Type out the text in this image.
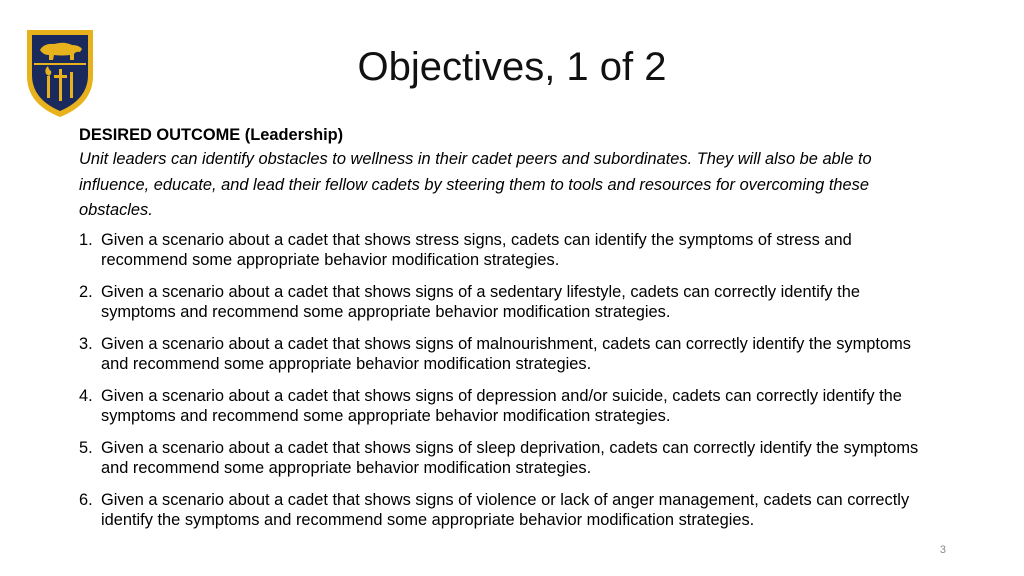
Objectives, 1 of 2
DESIRED OUTCOME (Leadership)
Unit leaders can identify obstacles to wellness in their cadet peers and subordinates. They will also be able to influence, educate, and lead their fellow cadets by steering them to tools and resources for overcoming these obstacles.
1. Given a scenario about a cadet that shows stress signs, cadets can identify the symptoms of stress and recommend some appropriate behavior modification strategies.
2. Given a scenario about a cadet that shows signs of a sedentary lifestyle, cadets can correctly identify the symptoms and recommend some appropriate behavior modification strategies.
3. Given a scenario about a cadet that shows signs of malnourishment, cadets can correctly identify the symptoms and recommend some appropriate behavior modification strategies.
4. Given a scenario about a cadet that shows signs of depression and/or suicide, cadets can correctly identify the symptoms and recommend some appropriate behavior modification strategies.
5. Given a scenario about a cadet that shows signs of sleep deprivation, cadets can correctly identify the symptoms and recommend some appropriate behavior modification strategies.
6. Given a scenario about a cadet that shows signs of violence or lack of anger management, cadets can correctly identify the symptoms and recommend some appropriate behavior modification strategies.
3
